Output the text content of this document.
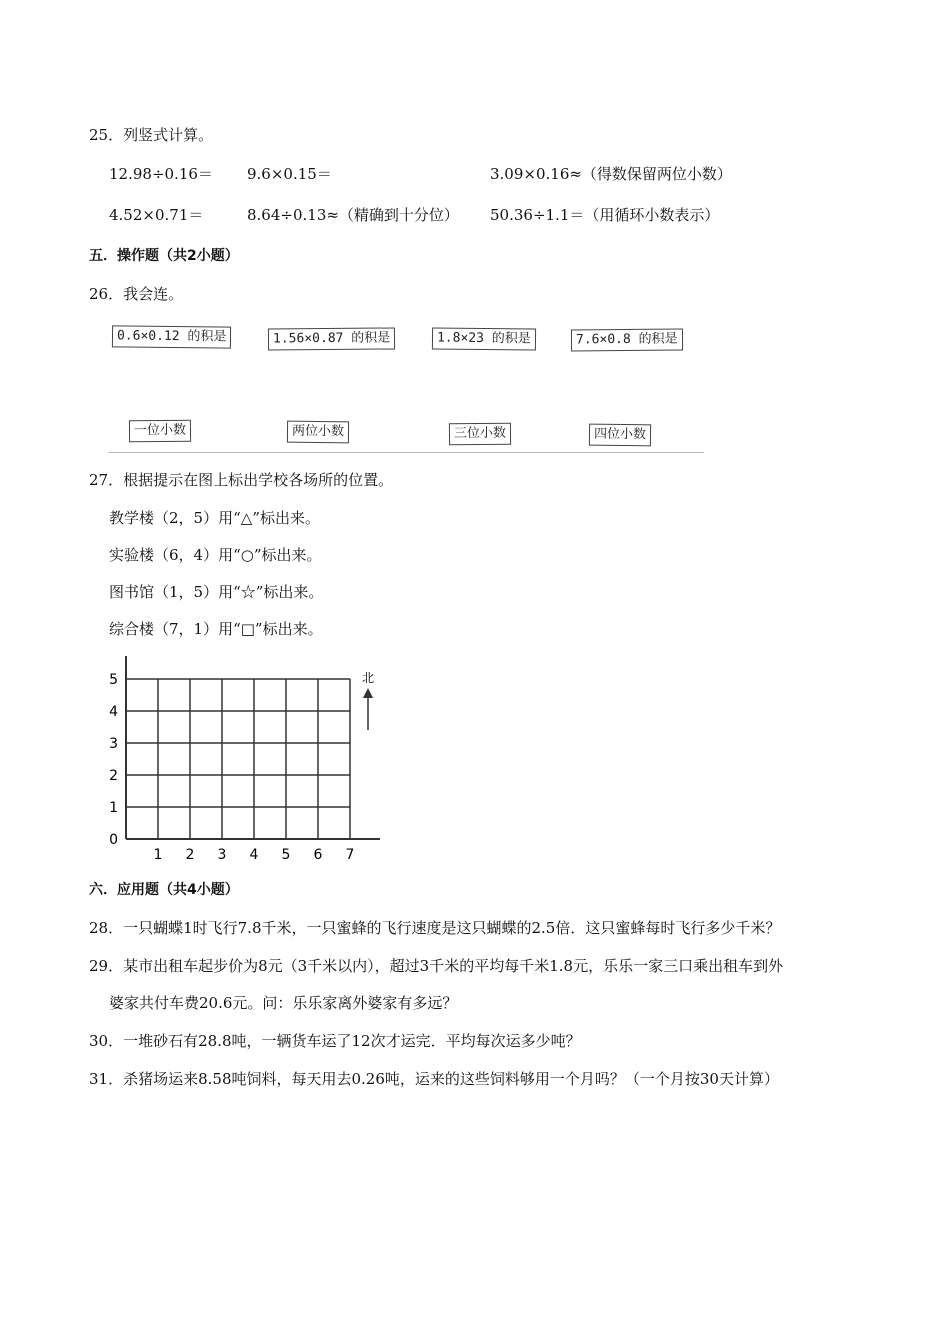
25．列竖式计算。
12.98÷0.16＝ 9.6×0.15＝	3.09×0.16≈（得数保留两位小数）
4.52×0.71＝	8.64÷0.13≈（精确到十分位） 50.36÷1.1＝（用循环小数表示）
五．操作题（共2小题）
26．我会连。
0.6×0.12 的积是	1.56×0.87 的积是	1.8×23 的积是	7.6×0.8 的积是
一位小数	两位小数	三位小数	四位小数
27．根据提示在图上标出学校各场所的位置。
教学楼（2，5）用“△”标出来。
实验楼（6，4）用“○”标出来。
图书馆（1，5）用“☆”标出来。
综合楼（7，1）用“□”标出来。
0
1
2
3
4
5
1 2 3 4 5 6 7
北
六．应用题（共4小题）
28．一只蝴蝶1时飞行7.8千米，一只蜜蜂的飞行速度是这只蝴蝶的2.5倍．这只蜜蜂每时飞行多少千米？
29．某市出租车起步价为8元（3千米以内），超过3千米的平均每千米1.8元，乐乐一家三口乘出租车到外
婆家共付车费20.6元。问：乐乐家离外婆家有多远？
30．一堆砂石有28.8吨，一辆货车运了12次才运完．平均每次运多少吨？
31．杀猪场运来8.58吨饲料，每天用去0.26吨，运来的这些饲料够用一个月吗？（一个月按30天计算）
